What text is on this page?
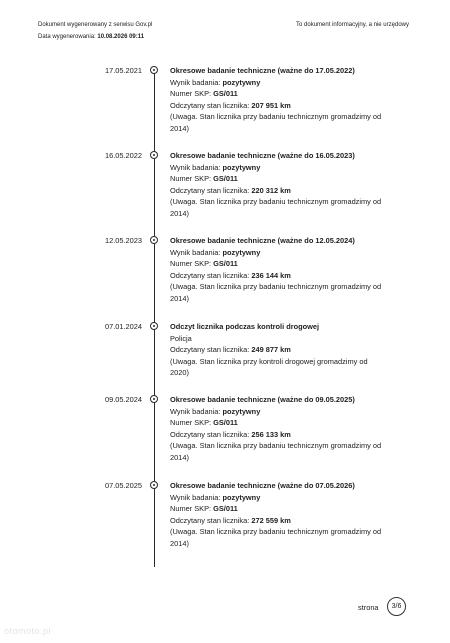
Dokument wygenerowany z serwisu Gov.pl
Data wygenerowania: 10.08.2026 09:11
To dokument informacyjny, a nie urzędowy
17.05.2021	Okresowe badanie techniczne (ważne do 17.05.2022)
Wynik badania: pozytywny
Numer SKP: GS/011
Odczytany stan licznika: 207 951 km
(Uwaga. Stan licznika przy badaniu technicznym gromadzimy od
2014)
16.05.2022	Okresowe badanie techniczne (ważne do 16.05.2023)
Wynik badania: pozytywny
Numer SKP: GS/011
Odczytany stan licznika: 220 312 km
(Uwaga. Stan licznika przy badaniu technicznym gromadzimy od
2014)
12.05.2023	Okresowe badanie techniczne (ważne do 12.05.2024)
Wynik badania: pozytywny
Numer SKP: GS/011
Odczytany stan licznika: 236 144 km
(Uwaga. Stan licznika przy badaniu technicznym gromadzimy od
2014)
07.01.2024	Odczyt licznika podczas kontroli drogowej
Policja
Odczytany stan licznika: 249 877 km
(Uwaga. Stan licznika przy kontroli drogowej gromadzimy od
2020)
09.05.2024	Okresowe badanie techniczne (ważne do 09.05.2025)
Wynik badania: pozytywny
Numer SKP: GS/011
Odczytany stan licznika: 256 133 km
(Uwaga. Stan licznika przy badaniu technicznym gromadzimy od
2014)
07.05.2025	Okresowe badanie techniczne (ważne do 07.05.2026)
Wynik badania: pozytywny
Numer SKP: GS/011
Odczytany stan licznika: 272 559 km
(Uwaga. Stan licznika przy badaniu technicznym gromadzimy od
2014)
strona	3/6
otomoto.pl
